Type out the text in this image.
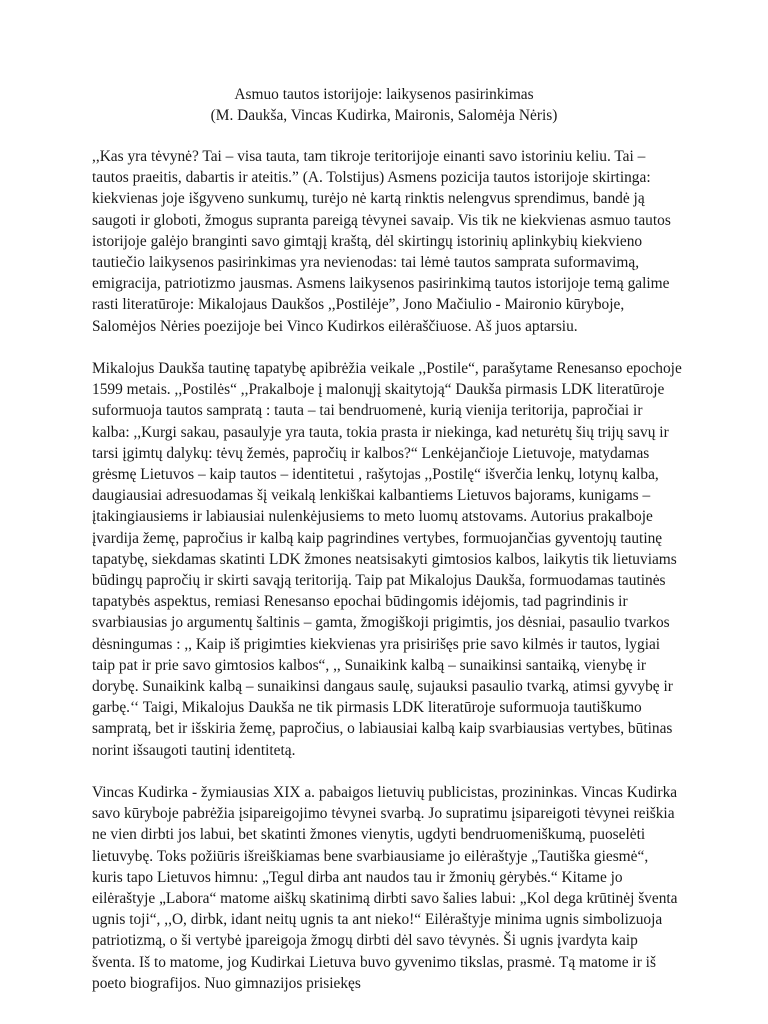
Asmuo tautos istorijoje: laikysenos pasirinkimas
(M. Daukša, Vincas Kudirka, Maironis, Salomėja Nėris)

,,Kas yra tėvynė? Tai – visa tauta, tam tikroje teritorijoje einanti savo istoriniu keliu. Tai – tautos praeitis, dabartis ir ateitis.” (A. Tolstijus) Asmens pozicija tautos istorijoje skirtinga: kiekvienas joje išgyveno sunkumų, turėjo nė kartą rinktis nelengvus sprendimus, bandė ją saugoti ir globoti, žmogus supranta pareigą tėvynei savaip. Vis tik ne kiekvienas asmuo tautos istorijoje galėjo branginti savo gimtąjį kraštą, dėl skirtingų istorinių aplinkybių kiekvieno tautiečio laikysenos pasirinkimas yra nevienodas: tai lėmė tautos samprata suformavimą, emigracija, patriotizmo jausmas. Asmens laikysenos pasirinkimą tautos istorijoje temą galime rasti literatūroje: Mikalojaus Daukšos ,,Postilėje”, Jono Mačiulio - Maironio kūryboje, Salomėjos Nėries poezijoje bei Vinco Kudirkos eilėraščiuose. Aš juos aptarsiu.

Mikalojus Daukša tautinę tapatybę apibrėžia veikale ,,Postile“, parašytame Renesanso epochoje 1599 metais. ,,Postilės“ ,,Prakalboje į malonųjį skaitytoją“ Daukša pirmasis LDK literatūroje suformuoja tautos sampratą : tauta – tai bendruomenė, kurią vienija teritorija, papročiai ir kalba: ,,Kurgi sakau, pasaulyje yra tauta, tokia prasta ir niekinga, kad neturėtų šių trijų savų ir tarsi įgimtų dalykų: tėvų žemės, papročių ir kalbos?“ Lenkėjančioje Lietuvoje, matydamas grėsmę Lietuvos – kaip tautos – identitetui , rašytojas ,,Postilę“ išverčia lenkų, lotynų kalba, daugiausiai adresuodamas šį veikalą lenkiškai kalbantiems Lietuvos bajorams, kunigams – įtakingiausiems ir labiausiai nulenkėjusiems to meto luomų atstovams. Autorius prakalboje įvardija žemę, papročius ir kalbą kaip pagrindines vertybes, formuojančias gyventojų tautinę tapatybę, siekdamas skatinti LDK žmones neatsisakyti gimtosios kalbos, laikytis tik lietuviams būdingų papročių ir skirti savąją teritoriją. Taip pat Mikalojus Daukša, formuodamas tautinės tapatybės aspektus, remiasi Renesanso epochai būdingomis idėjomis, tad pagrindinis ir svarbiausias jo argumentų šaltinis – gamta, žmogiškoji prigimtis, jos dėsniai, pasaulio tvarkos dėsningumas : ,, Kaip iš prigimties kiekvienas yra prisirišęs prie savo kilmės ir tautos, lygiai taip pat ir prie savo gimtosios kalbos“, ,, Sunaikink kalbą – sunaikinsi santaiką, vienybę ir dorybę. Sunaikink kalbą – sunaikinsi dangaus saulę, sujauksi pasaulio tvarką, atimsi gyvybę ir garbę.‘‘ Taigi, Mikalojus Daukša ne tik pirmasis LDK literatūroje suformuoja tautiškumo sampratą, bet ir išskiria žemę, papročius, o labiausiai kalbą kaip svarbiausias vertybes, būtinas norint išsaugoti tautinį identitetą.

Vincas Kudirka - žymiausias XIX a. pabaigos lietuvių publicistas, prozininkas. Vincas Kudirka savo kūryboje pabrėžia įsipareigojimo tėvynei svarbą. Jo supratimu įsipareigoti tėvynei reiškia ne vien dirbti jos labui, bet skatinti žmones vienytis, ugdyti bendruomeniškumą, puoselėti lietuvybę. Toks požiūris išreiškiamas bene svarbiausiame jo eilėraštyje „Tautiška giesmė“, kuris tapo Lietuvos himnu: „Tegul dirba ant naudos tau ir žmonių gėrybės.“ Kitame jo eilėraštyje „Labora“ matome aiškų skatinimą dirbti savo šalies labui: „Kol dega krūtinėj šventa ugnis toji“, ,,O, dirbk, idant neitų ugnis ta ant nieko!“ Eilėraštyje minima ugnis simbolizuoja patriotizmą, o ši vertybė įpareigoja žmogų dirbti dėl savo tėvynės. Ši ugnis įvardyta kaip šventa. Iš to matome, jog Kudirkai Lietuva buvo gyvenimo tikslas, prasmė. Tą matome ir iš poeto biografijos. Nuo gimnazijos prisiekęs
